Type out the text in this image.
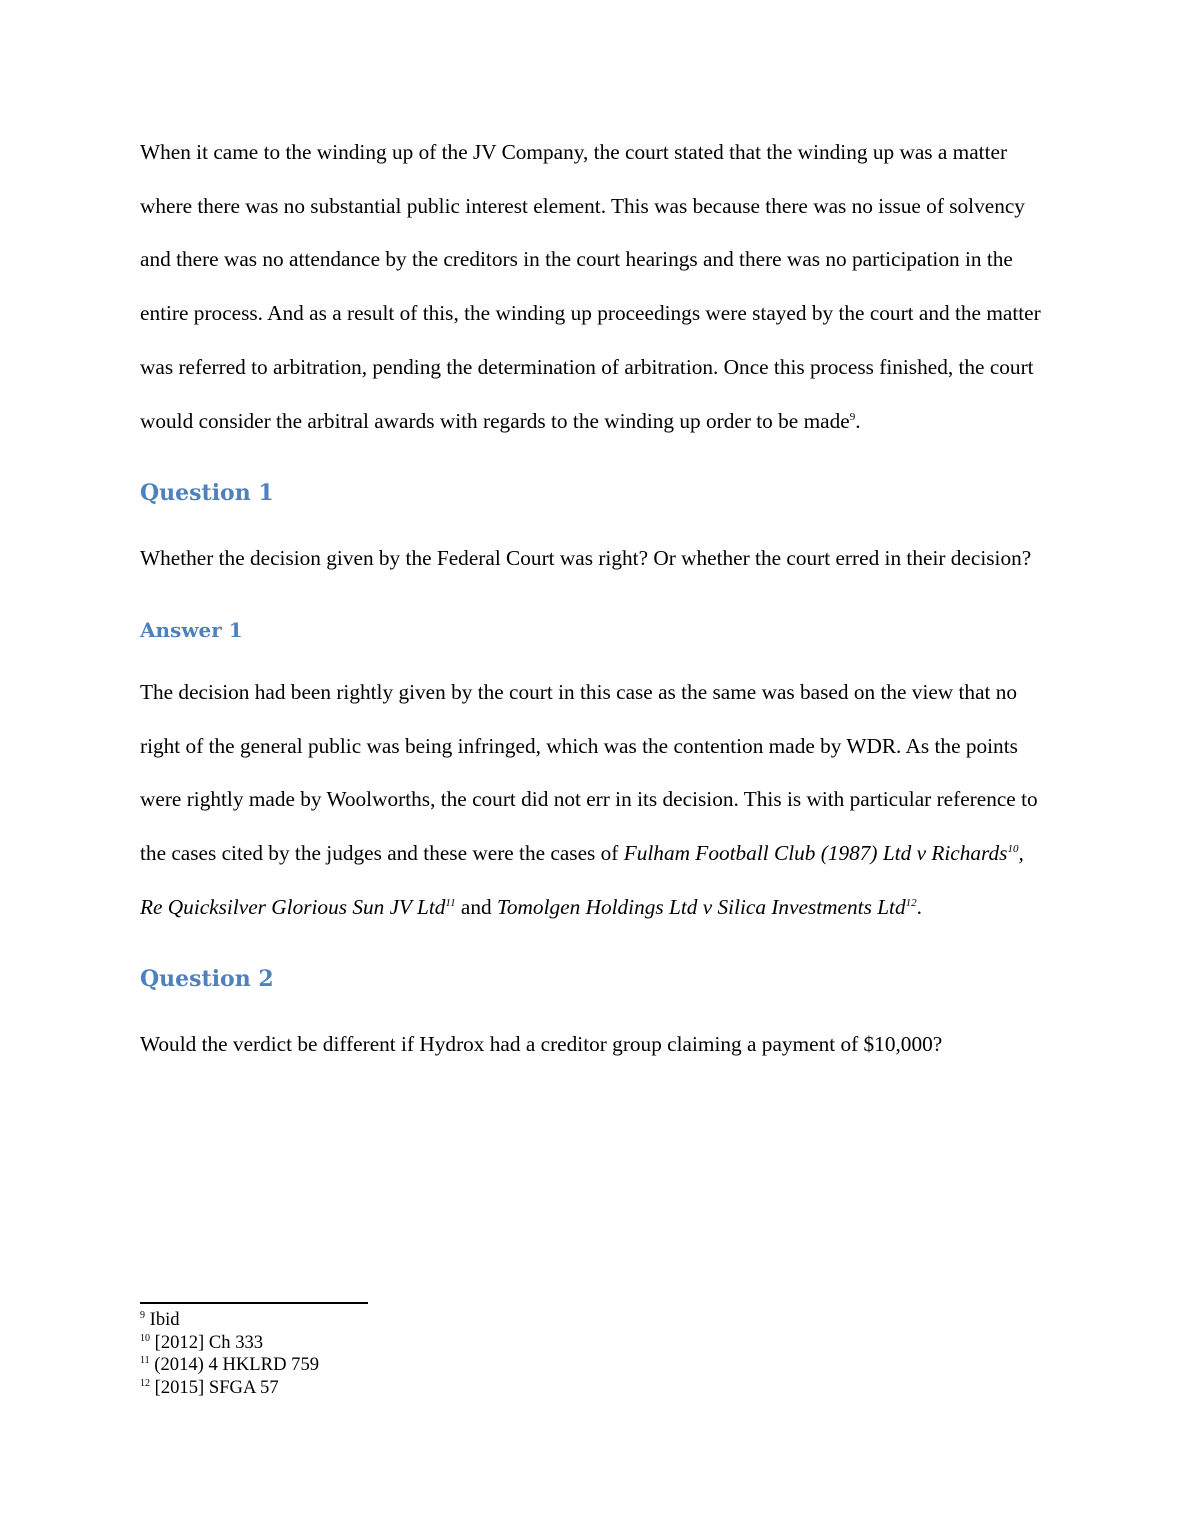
When it came to the winding up of the JV Company, the court stated that the winding up was a matter where there was no substantial public interest element. This was because there was no issue of solvency and there was no attendance by the creditors in the court hearings and there was no participation in the entire process. And as a result of this, the winding up proceedings were stayed by the court and the matter was referred to arbitration, pending the determination of arbitration. Once this process finished, the court would consider the arbitral awards with regards to the winding up order to be made$^9$.

Question 1

Whether the decision given by the Federal Court was right? Or whether the court erred in their decision?

Answer 1

The decision had been rightly given by the court in this case as the same was based on the view that no right of the general public was being infringed, which was the contention made by WDR. As the points were rightly made by Woolworths, the court did not err in its decision. This is with particular reference to the cases cited by the judges and these were the cases of Fulham Football Club (1987) Ltd v Richards$^{10}$, Re Quicksilver Glorious Sun JV Ltd$^{11}$ and Tomolgen Holdings Ltd v Silica Investments Ltd$^{12}$.

Question 2

Would the verdict be different if Hydrox had a creditor group claiming a payment of $10,000?

$^9$ Ibid
$^{10}$ [2012] Ch 333
$^{11}$ (2014) 4 HKLRD 759
$^{12}$ [2015] SFGA 57
